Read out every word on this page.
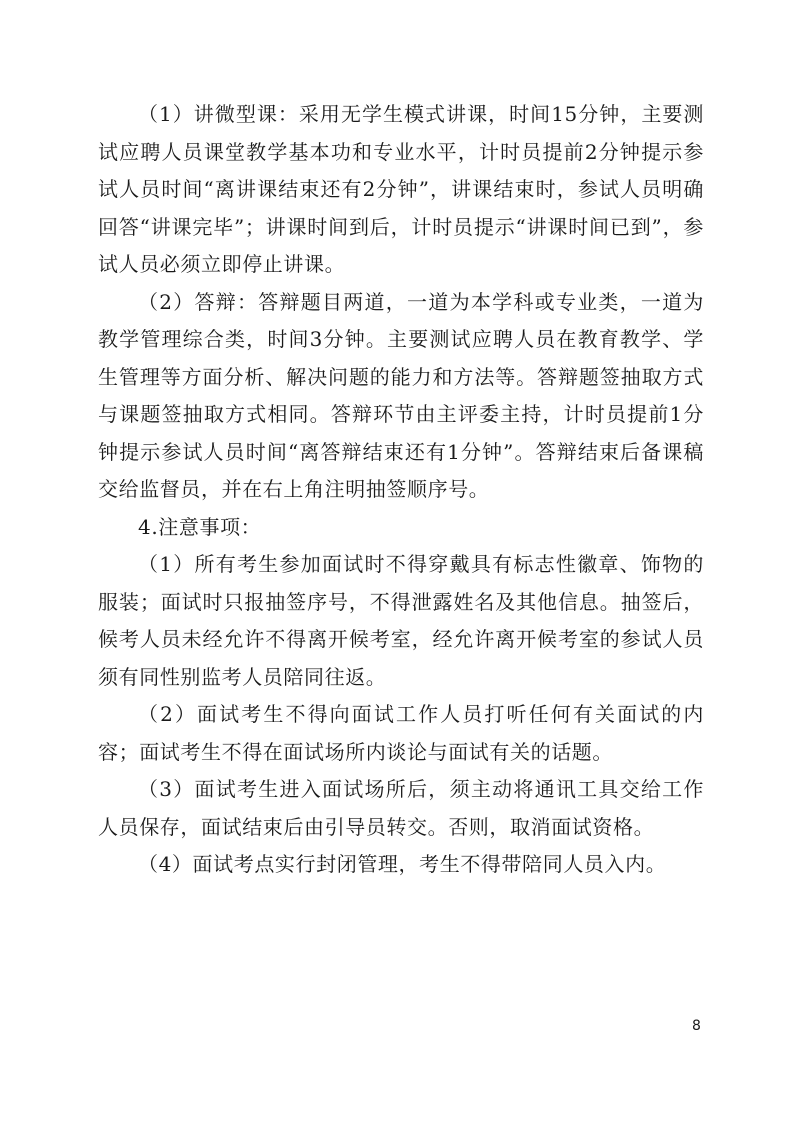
（1）讲微型课：采用无学生模式讲课，时间15分钟，主要测试应聘人员课堂教学基本功和专业水平，计时员提前2分钟提示参试人员时间“离讲课结束还有2分钟”，讲课结束时，参试人员明确回答“讲课完毕”；讲课时间到后，计时员提示“讲课时间已到”，参试人员必须立即停止讲课。

（2）答辩：答辩题目两道，一道为本学科或专业类，一道为教学管理综合类，时间3分钟。主要测试应聘人员在教育教学、学生管理等方面分析、解决问题的能力和方法等。答辩题签抽取方式与课题签抽取方式相同。答辩环节由主评委主持，计时员提前1分钟提示参试人员时间“离答辩结束还有1分钟”。答辩结束后备课稿交给监督员，并在右上角注明抽签顺序号。

4.注意事项：

（1）所有考生参加面试时不得穿戴具有标志性徽章、饰物的服装；面试时只报抽签序号，不得泄露姓名及其他信息。抽签后，候考人员未经允许不得离开候考室，经允许离开候考室的参试人员须有同性别监考人员陪同往返。

（2）面试考生不得向面试工作人员打听任何有关面试的内容；面试考生不得在面试场所内谈论与面试有关的话题。

（3）面试考生进入面试场所后，须主动将通讯工具交给工作人员保存，面试结束后由引导员转交。否则，取消面试资格。

（4）面试考点实行封闭管理，考生不得带陪同人员入内。

8
